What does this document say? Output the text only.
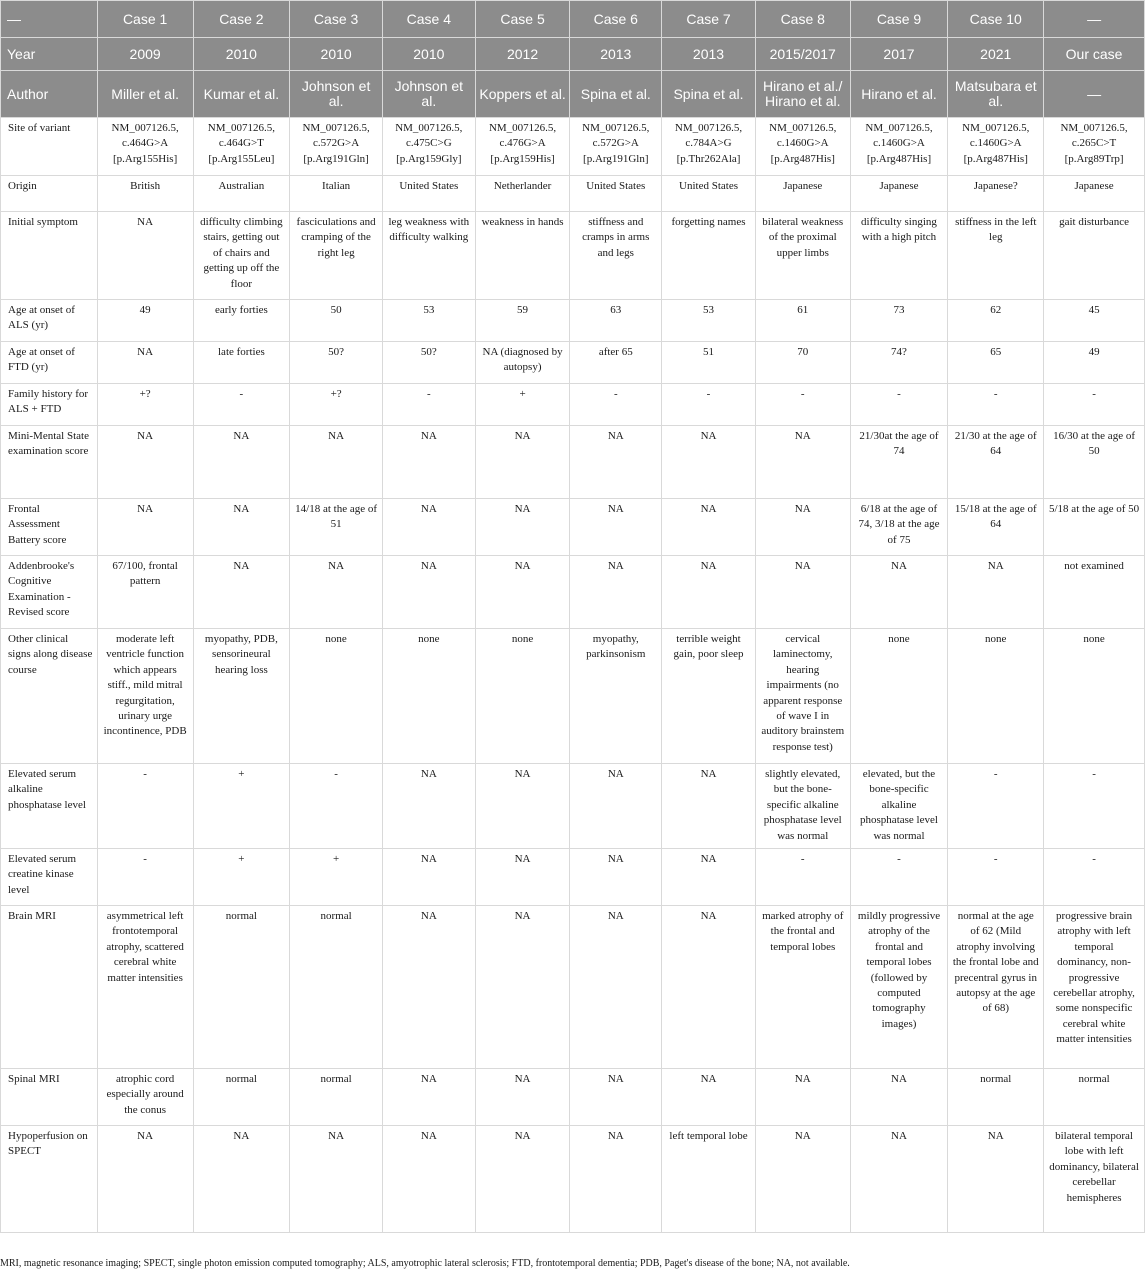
—	Case 1	Case 2	Case 3	Case 4	Case 5	Case 6	Case 7	Case 8	Case 9	Case 10	—
Year	2009	2010	2010	2010	2012	2013	2013	2015/2017	2017	2021	Our case
Author	Miller et al.	Kumar et al.	Johnson et al.	Johnson et al.	Koppers et al.	Spina et al.	Spina et al.	Hirano et al./ Hirano et al.	Hirano et al.	Matsubara et al.	—
Site of variant	NM_007126.5, c.464G>A [p.Arg155His]	NM_007126.5, c.464G>T [p.Arg155Leu]	NM_007126.5, c.572G>A [p.Arg191Gln]	NM_007126.5, c.475C>G [p.Arg159Gly]	NM_007126.5, c.476G>A [p.Arg159His]	NM_007126.5, c.572G>A [p.Arg191Gln]	NM_007126.5, c.784A>G [p.Thr262Ala]	NM_007126.5, c.1460G>A [p.Arg487His]	NM_007126.5, c.1460G>A [p.Arg487His]	NM_007126.5, c.1460G>A [p.Arg487His]	NM_007126.5, c.265C>T [p.Arg89Trp]
Origin	British	Australian	Italian	United States	Netherlander	United States	United States	Japanese	Japanese	Japanese?	Japanese
Initial symptom	NA	difficulty climbing stairs, getting out of chairs and getting up off the floor	fasciculations and cramping of the right leg	leg weakness with difficulty walking	weakness in hands	stiffness and cramps in arms and legs	forgetting names	bilateral weakness of the proximal upper limbs	difficulty singing with a high pitch	stiffness in the left leg	gait disturbance
Age at onset of ALS (yr)	49	early forties	50	53	59	63	53	61	73	62	45
Age at onset of FTD (yr)	NA	late forties	50?	50?	NA (diagnosed by autopsy)	after 65	51	70	74?	65	49
Family history for ALS + FTD	+?	-	+?	-	+	-	-	-	-	-	-
Mini-Mental State examination score	NA	NA	NA	NA	NA	NA	NA	NA	21/30at the age of 74	21/30 at the age of 64	16/30 at the age of 50
Frontal Assessment Battery score	NA	NA	14/18 at the age of 51	NA	NA	NA	NA	NA	6/18 at the age of 74, 3/18 at the age of 75	15/18 at the age of 64	5/18 at the age of 50
Addenbrooke's Cognitive Examination - Revised score	67/100, frontal pattern	NA	NA	NA	NA	NA	NA	NA	NA	NA	not examined
Other clinical signs along disease course	moderate left ventricle function which appears stiff., mild mitral regurgitation, urinary urge incontinence, PDB	myopathy, PDB, sensorineural hearing loss	none	none	none	myopathy, parkinsonism	terrible weight gain, poor sleep	cervical laminectomy, hearing impairments (no apparent response of wave I in auditory brainstem response test)	none	none	none
Elevated serum alkaline phosphatase level	-	+	-	NA	NA	NA	NA	slightly elevated, but the bone-specific alkaline phosphatase level was normal	elevated, but the bone-specific alkaline phosphatase level was normal	-	-
Elevated serum creatine kinase level	-	+	+	NA	NA	NA	NA	-	-	-	-
Brain MRI	asymmetrical left frontotemporal atrophy, scattered cerebral white matter intensities	normal	normal	NA	NA	NA	NA	marked atrophy of the frontal and temporal lobes	mildly progressive atrophy of the frontal and temporal lobes (followed by computed tomography images)	normal at the age of 62 (Mild atrophy involving the frontal lobe and precentral gyrus in autopsy at the age of 68)	progressive brain atrophy with left temporal dominancy, non-progressive cerebellar atrophy, some nonspecific cerebral white matter intensities
Spinal MRI	atrophic cord especially around the conus	normal	normal	NA	NA	NA	NA	NA	NA	normal	normal
Hypoperfusion on SPECT	NA	NA	NA	NA	NA	NA	left temporal lobe	NA	NA	NA	bilateral temporal lobe with left dominancy, bilateral cerebellar hemispheres
MRI, magnetic resonance imaging; SPECT, single photon emission computed tomography; ALS, amyotrophic lateral sclerosis; FTD, frontotemporal dementia; PDB, Paget's disease of the bone; NA, not available.
